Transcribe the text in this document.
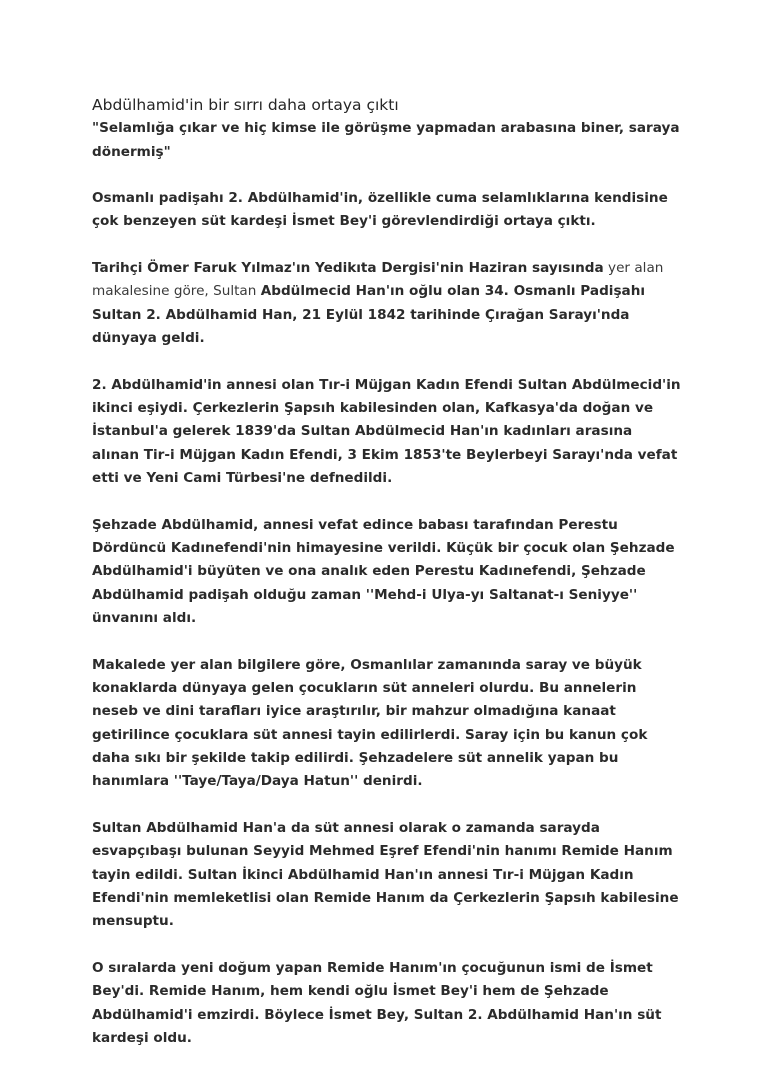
Abdülhamid'in bir sırrı daha ortaya çıktı

"Selamlığa çıkar ve hiç kimse ile görüşme yapmadan arabasına biner, saraya dönermiş"

Osmanlı padişahı 2. Abdülhamid'in, özellikle cuma selamlıklarına kendisine çok benzeyen süt kardeşi İsmet Bey'i görevlendirdiği ortaya çıktı.

Tarihçi Ömer Faruk Yılmaz'ın Yedikıta Dergisi'nin Haziran sayısında yer alan makalesine göre, Sultan Abdülmecid Han'ın oğlu olan 34. Osmanlı Padişahı Sultan 2. Abdülhamid Han, 21 Eylül 1842 tarihinde Çırağan Sarayı'nda dünyaya geldi.

2. Abdülhamid'in annesi olan Tır-i Müjgan Kadın Efendi Sultan Abdülmecid'in ikinci eşiydi. Çerkezlerin Şapsıh kabilesinden olan, Kafkasya'da doğan ve İstanbul'a gelerek 1839'da Sultan Abdülmecid Han'ın kadınları arasına alınan Tir-i Müjgan Kadın Efendi, 3 Ekim 1853'te Beylerbeyi Sarayı'nda vefat etti ve Yeni Cami Türbesi'ne defnedildi.

Şehzade Abdülhamid, annesi vefat edince babası tarafından Perestu Dördüncü Kadınefendi'nin himayesine verildi. Küçük bir çocuk olan Şehzade Abdülhamid'i büyüten ve ona analık eden Perestu Kadınefendi, Şehzade Abdülhamid padişah olduğu zaman ''Mehd-i Ulya-yı Saltanat-ı Seniyye'' ünvanını aldı.

Makalede yer alan bilgilere göre, Osmanlılar zamanında saray ve büyük konaklarda dünyaya gelen çocukların süt anneleri olurdu. Bu annelerin neseb ve dini tarafları iyice araştırılır, bir mahzur olmadığına kanaat getirilince çocuklara süt annesi tayin edilirlerdi. Saray için bu kanun çok daha sıkı bir şekilde takip edilirdi. Şehzadelere süt annelik yapan bu hanımlara ''Taye/Taya/Daya Hatun'' denirdi.

Sultan Abdülhamid Han'a da süt annesi olarak o zamanda sarayda esvapçıbaşı bulunan Seyyid Mehmed Eşref Efendi'nin hanımı Remide Hanım tayin edildi. Sultan İkinci Abdülhamid Han'ın annesi Tır-i Müjgan Kadın Efendi'nin memleketlisi olan Remide Hanım da Çerkezlerin Şapsıh kabilesine mensuptu.

O sıralarda yeni doğum yapan Remide Hanım'ın çocuğunun ismi de İsmet Bey'di. Remide Hanım, hem kendi oğlu İsmet Bey'i hem de Şehzade Abdülhamid'i emzirdi. Böylece İsmet Bey, Sultan 2. Abdülhamid Han'ın süt kardeşi oldu.
